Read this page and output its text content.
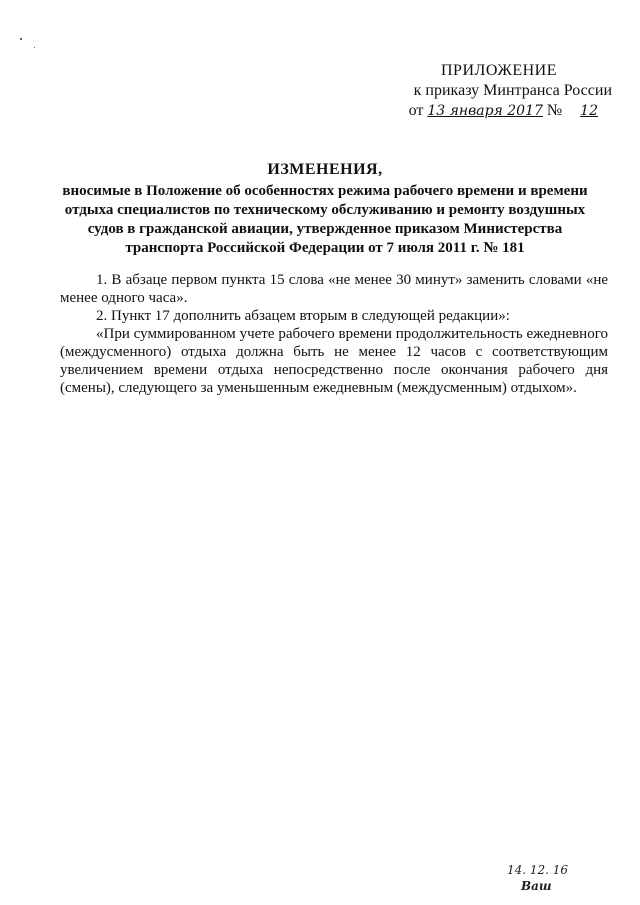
ПРИЛОЖЕНИЕ
к приказу Минтранса России
от 13 января 2017 № 12
ИЗМЕНЕНИЯ,
вносимые в Положение об особенностях режима рабочего времени и времени отдыха специалистов по техническому обслуживанию и ремонту воздушных судов в гражданской авиации, утвержденное приказом Министерства транспорта Российской Федерации от 7 июля 2011 г. № 181

1. В абзаце первом пункта 15 слова «не менее 30 минут» заменить словами «не менее одного часа».

2. Пункт 17 дополнить абзацем вторым в следующей редакции»:

«При суммированном учете рабочего времени продолжительность ежедневного (междусменного) отдыха должна быть не менее 12 часов с соответствующим увеличением времени отдыха непосредственно после окончания рабочего дня (смены), следующего за уменьшенным ежедневным (междусменным) отдыхом».

14. 12. 16
Ваш
